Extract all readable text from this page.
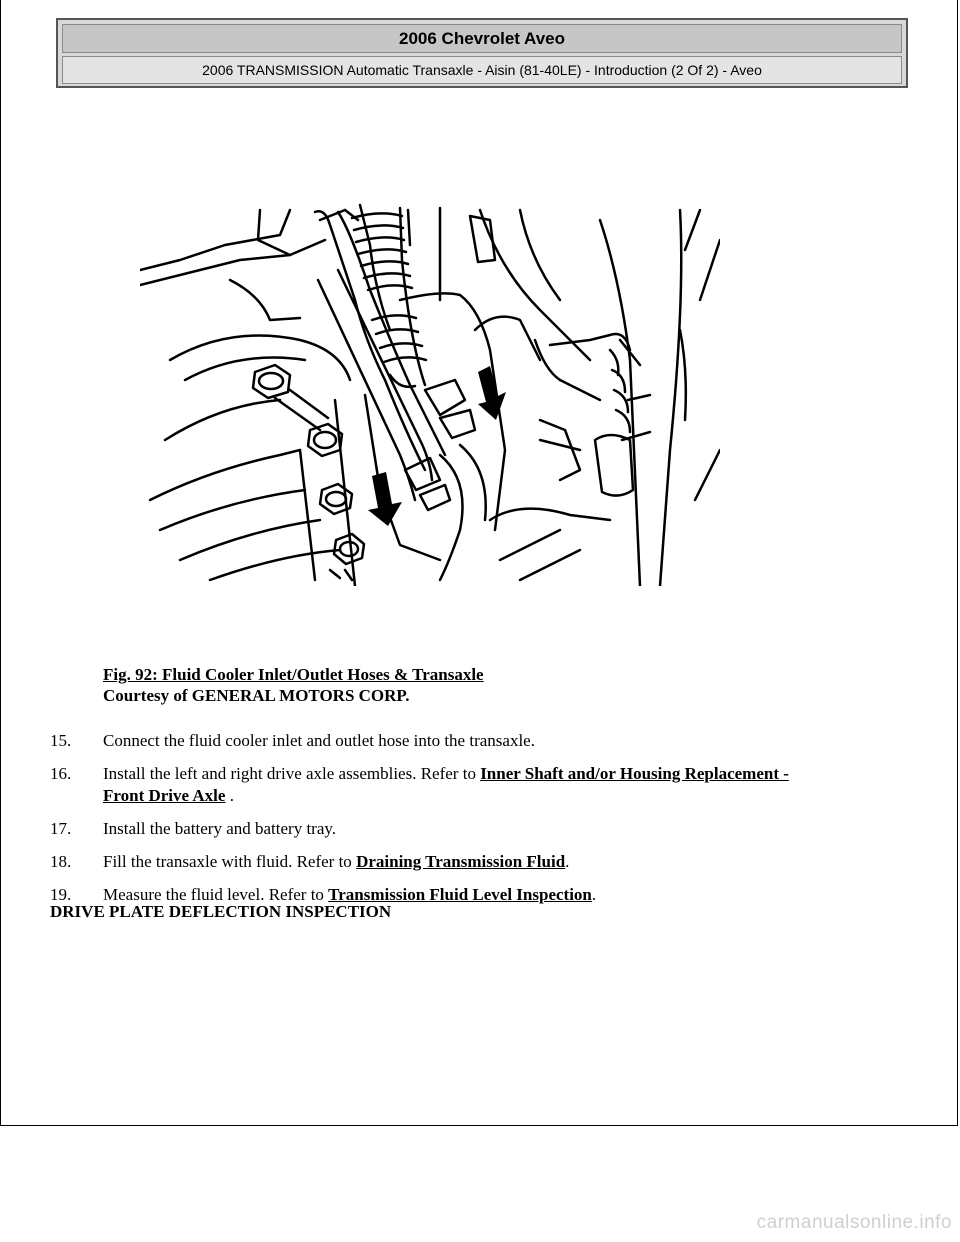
2006 Chevrolet Aveo
2006 TRANSMISSION Automatic Transaxle - Aisin (81-40LE) - Introduction (2 Of 2) - Aveo
Fig. 92: Fluid Cooler Inlet/Outlet Hoses & Transaxle
Courtesy of GENERAL MOTORS CORP.
15. Connect the fluid cooler inlet and outlet hose into the transaxle.
16. Install the left and right drive axle assemblies. Refer to Inner Shaft and/or Housing Replacement -
Front Drive Axle .
17. Install the battery and battery tray.
18. Fill the transaxle with fluid. Refer to Draining Transmission Fluid.
19. Measure the fluid level. Refer to Transmission Fluid Level Inspection.
DRIVE PLATE DEFLECTION INSPECTION
carmanualsonline.info
